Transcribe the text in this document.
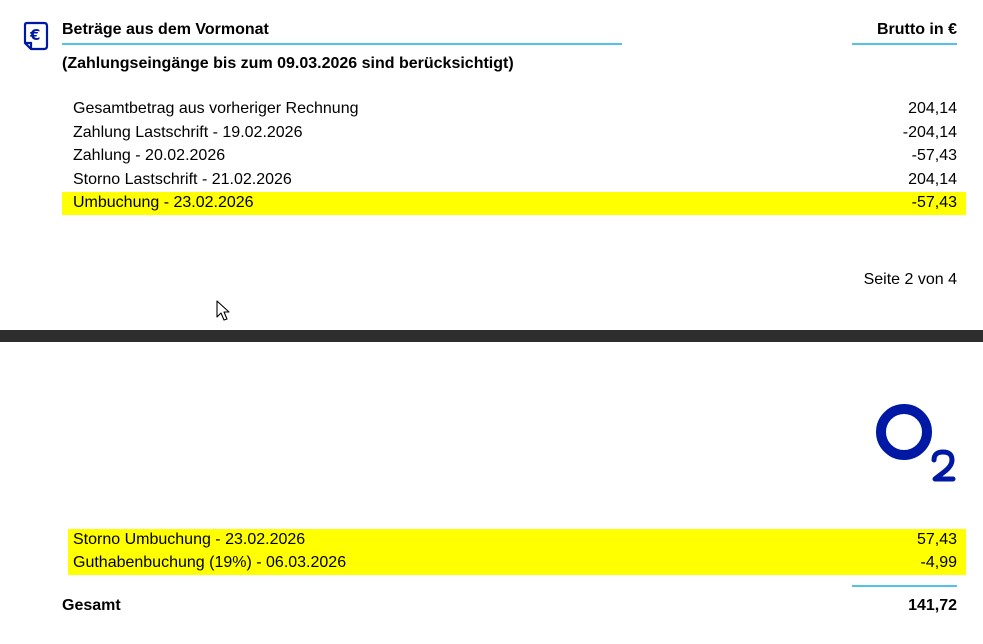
€ Beträge aus dem Vormonat	Brutto in €
(Zahlungseingänge bis zum 09.03.2026 sind berücksichtigt)
Gesamtbetrag aus vorheriger Rechnung	204,14
Zahlung Lastschrift - 19.02.2026	-204,14
Zahlung - 20.02.2026	-57,43
Storno Lastschrift - 21.02.2026	204,14
Umbuchung - 23.02.2026	-57,43
Seite 2 von 4
Storno Umbuchung - 23.02.2026	57,43
Guthabenbuchung (19%) - 06.03.2026	-4,99
Gesamt	141,72
